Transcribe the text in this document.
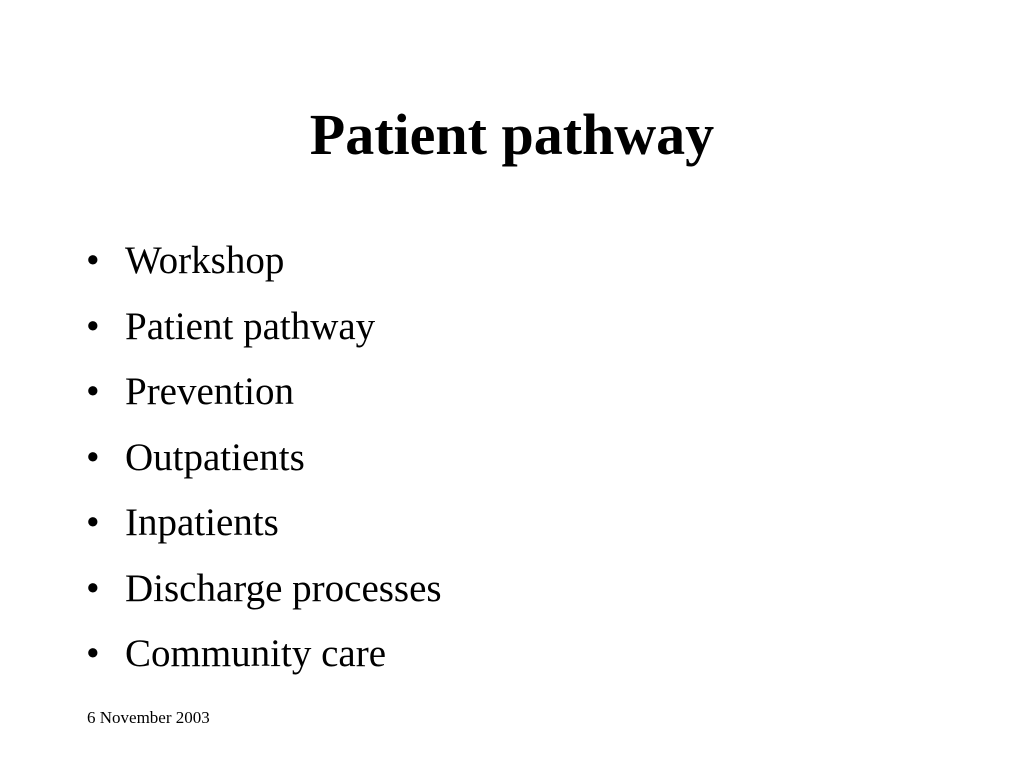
Patient pathway
• Workshop
• Patient pathway
• Prevention
• Outpatients
• Inpatients
• Discharge processes
• Community care
6 November 2003
